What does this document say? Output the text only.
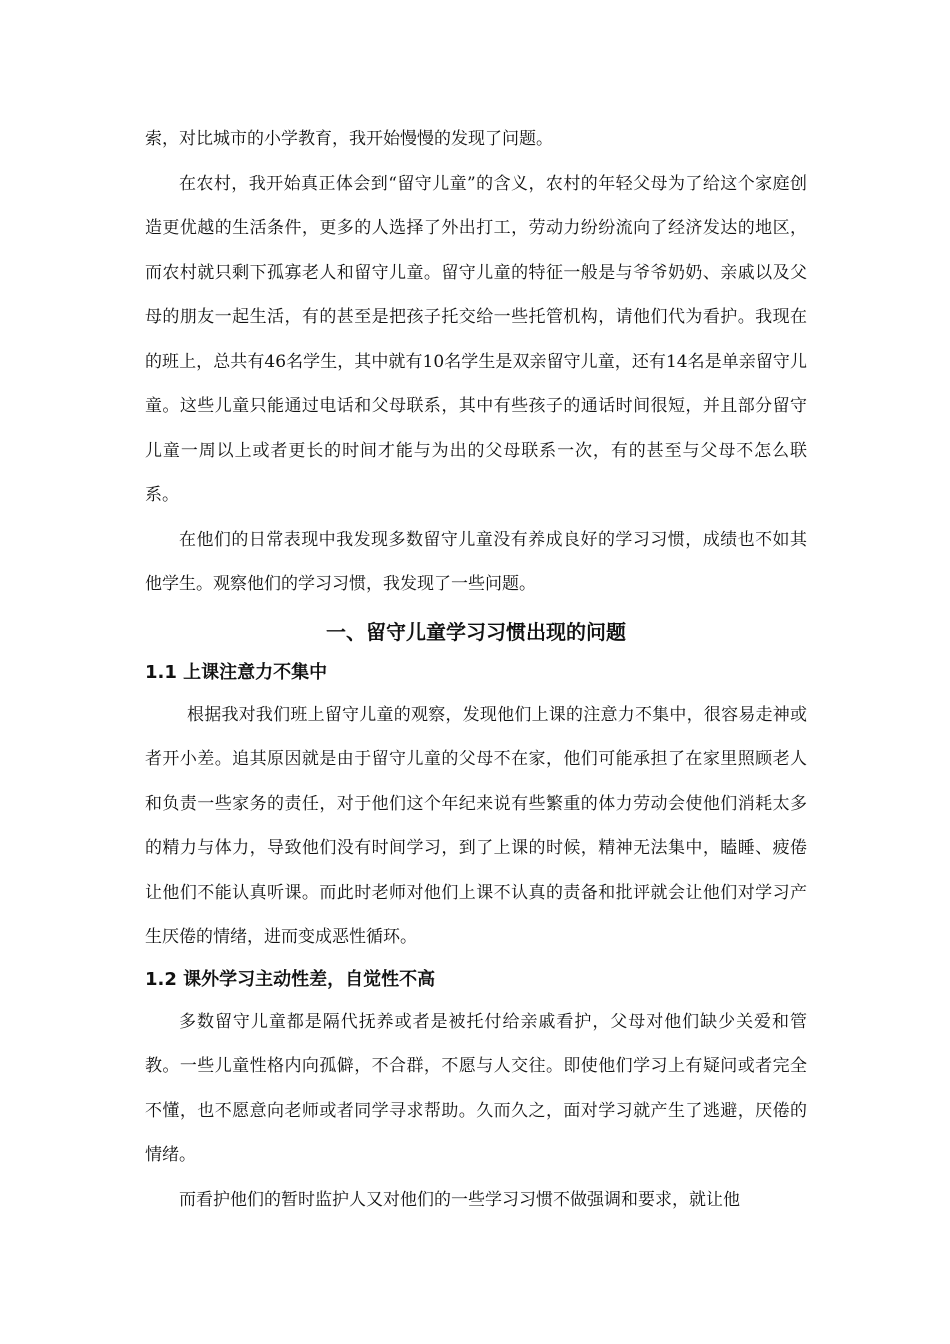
索，对比城市的小学教育，我开始慢慢的发现了问题。

在农村，我开始真正体会到“留守儿童”的含义，农村的年轻父母为了给这个家庭创造更优越的生活条件，更多的人选择了外出打工，劳动力纷纷流向了经济发达的地区，而农村就只剩下孤寡老人和留守儿童。留守儿童的特征一般是与爷爷奶奶、亲戚以及父母的朋友一起生活，有的甚至是把孩子托交给一些托管机构，请他们代为看护。我现在的班上，总共有46名学生，其中就有10名学生是双亲留守儿童，还有14名是单亲留守儿童。这些儿童只能通过电话和父母联系，其中有些孩子的通话时间很短，并且部分留守儿童一周以上或者更长的时间才能与为出的父母联系一次，有的甚至与父母不怎么联系。

在他们的日常表现中我发现多数留守儿童没有养成良好的学习习惯，成绩也不如其他学生。观察他们的学习习惯，我发现了一些问题。

一、留守儿童学习习惯出现的问题
1.1 上课注意力不集中

根据我对我们班上留守儿童的观察，发现他们上课的注意力不集中，很容易走神或者开小差。追其原因就是由于留守儿童的父母不在家，他们可能承担了在家里照顾老人和负责一些家务的责任，对于他们这个年纪来说有些繁重的体力劳动会使他们消耗太多的精力与体力，导致他们没有时间学习，到了上课的时候，精神无法集中，瞌睡、疲倦让他们不能认真听课。而此时老师对他们上课不认真的责备和批评就会让他们对学习产生厌倦的情绪，进而变成恶性循环。

1.2 课外学习主动性差，自觉性不高

多数留守儿童都是隔代抚养或者是被托付给亲戚看护，父母对他们缺少关爱和管教。一些儿童性格内向孤僻，不合群，不愿与人交往。即使他们学习上有疑问或者完全不懂，也不愿意向老师或者同学寻求帮助。久而久之，面对学习就产生了逃避，厌倦的情绪。

而看护他们的暂时监护人又对他们的一些学习习惯不做强调和要求，就让他
